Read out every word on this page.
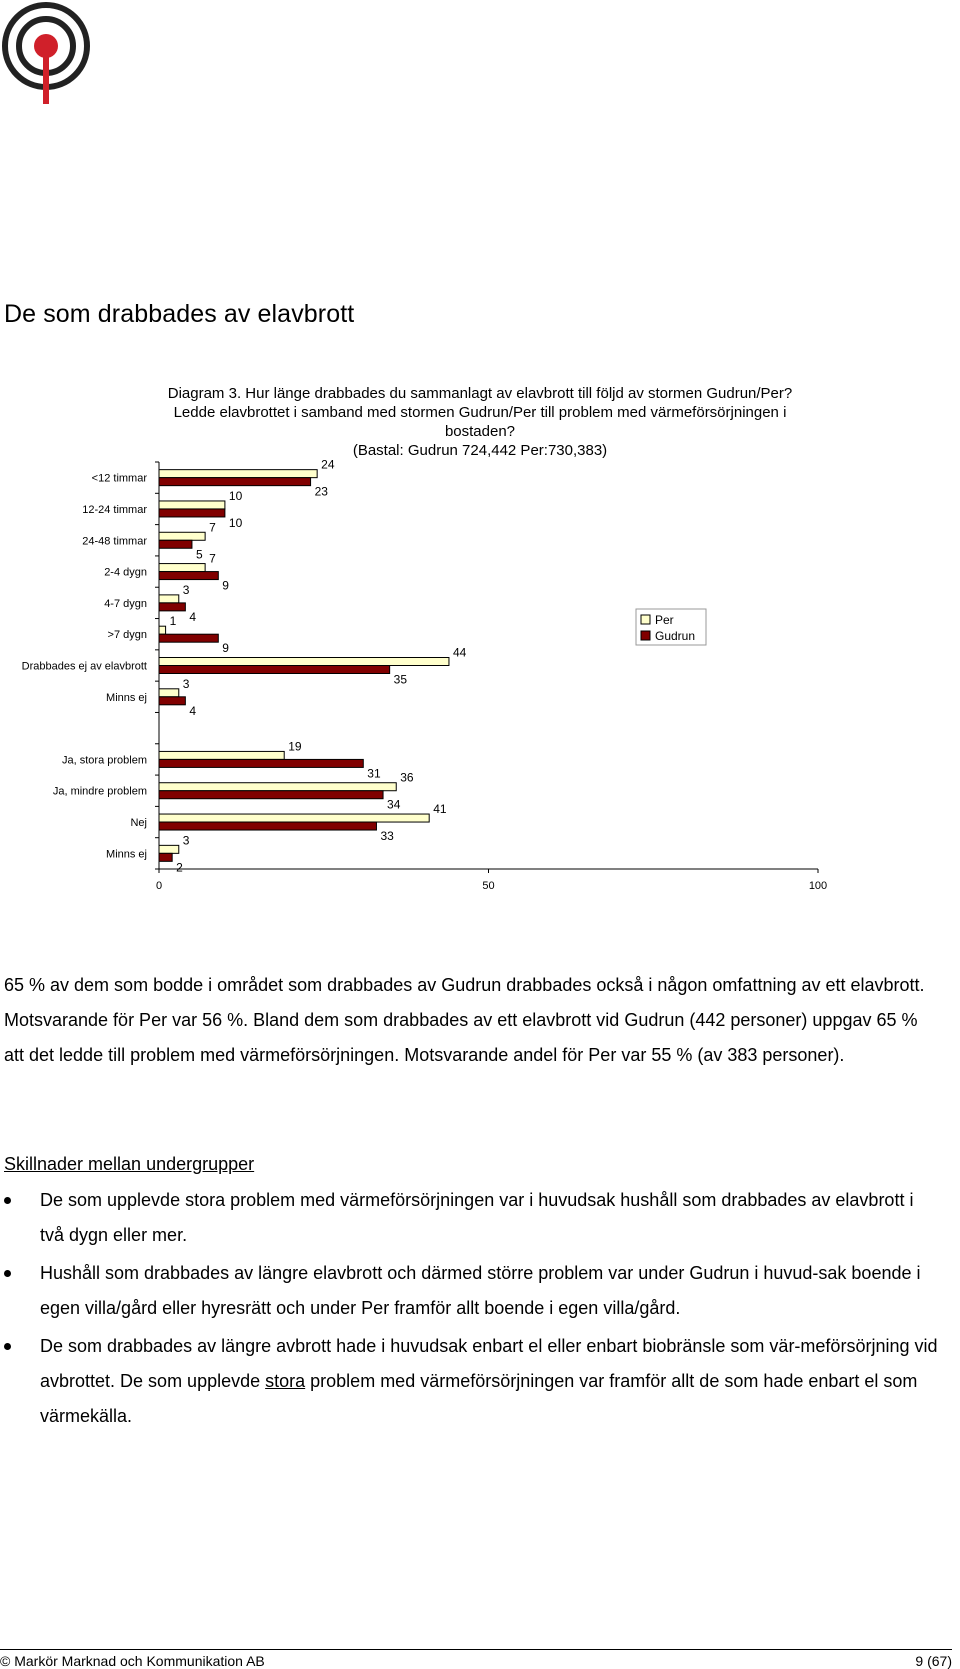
De som drabbades av elavbrott
Diagram 3. Hur länge drabbades du sammanlagt av elavbrott till följd av stormen Gudrun/Per?
Ledde elavbrottet i samband med stormen Gudrun/Per till problem med värmeförsörjningen i
bostaden?
(Bastal: Gudrun 724,442 Per:730,383)
0	50	100
<12 timmar
24
23
12-24 timmar
10
10
24-48 timmar
7
5
2-4 dygn
7
9
4-7 dygn
3
4
>7 dygn
1
9
Drabbades ej av elavbrott
44
35
Minns ej
3
4
Ja, stora problem
19
31
Ja, mindre problem
36
34
Nej
41
33
Minns ej
3
2
Per
Gudrun

65 % av dem som bodde i området som drabbades av Gudrun drabbades också i någon omfattning av ett elavbrott. Motsvarande för Per var 56 %. Bland dem som drabbades av ett elavbrott vid Gudrun (442 personer) uppgav 65 % att det ledde till problem med värmeförsörjningen. Motsvarande andel för Per var 55 % (av 383 personer).

Skillnader mellan undergrupper
De som upplevde stora problem med värmeförsörjningen var i huvudsak hushåll som drabbades av elavbrott i två dygn eller mer.
Hushåll som drabbades av längre elavbrott och därmed större problem var under Gudrun i huvud-sak boende i egen villa/gård eller hyresrätt och under Per framför allt boende i egen villa/gård.
De som drabbades av längre avbrott hade i huvudsak enbart el eller enbart biobränsle som vär-meförsörjning vid avbrottet. De som upplevde stora problem med värmeförsörjningen var framför allt de som hade enbart el som värmekälla.
© Markör Marknad och Kommunikation AB	9 (67)
